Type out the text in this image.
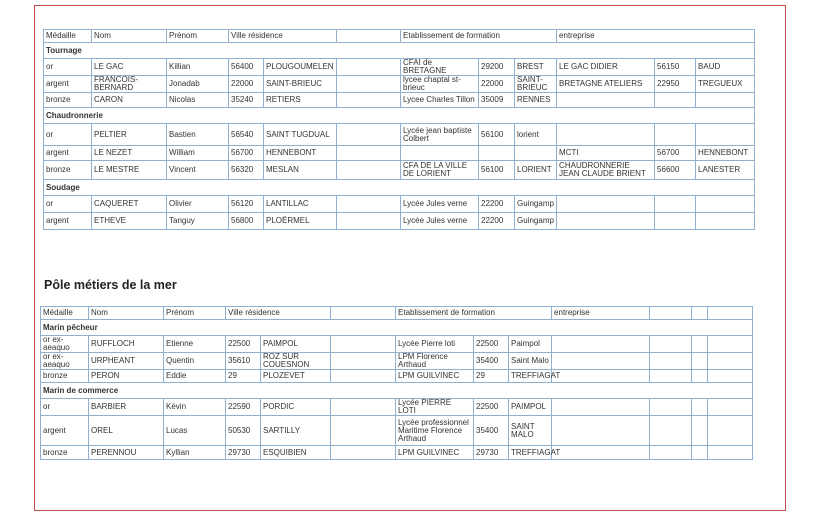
Médaille	Nom	Prénom	Ville résidence			Etablissement de formation			entreprise		
Tournage											
or	LE GAC	Killian	56400	PLOUGOUMELEN		CFAI de BRETAGNE	29200	BREST	LE GAC DIDIER	56150	BAUD
argent	FRANCOIS-BERNARD	Jonadab	22000	SAINT-BRIEUC		lycee chaptal st-brieuc	22000	SAINT-BRIEUC	BRETAGNE ATELIERS	22950	TREGUEUX
bronze	CARON	Nicolas	35240	RETIERS		Lycee Charles Tillon	35009	RENNES			
Chaudronnerie											
or	PELTIER	Bastien	56540	SAINT TUGDUAL		Lycée jean baptiste Colbert	56100	lorient			
argent	LE NEZET	William	56700	HENNEBONT					MCTI	56700	HENNEBONT
bronze	LE MESTRE	Vincent	56320	MESLAN		CFA DE LA VILLE DE LORIENT	56100	LORIENT	CHAUDRONNERIE JEAN CLAUDE BRIENT	56600	LANESTER
Soudage											
or	CAQUERET	Olivier	56120	LANTILLAC		Lycée Jules verne	22200	Guingamp			
argent	ETHEVE	Tanguy	56800	PLOËRMEL		Lycée Jules verne	22200	Guingamp			
Pôle métiers de la mer
Médaille	Nom	Prénom	Ville résidence			Etablissement de formation			entreprise			
Marin pêcheur												
or ex-aeaquo	RUFFLOCH	Etienne	22500	PAIMPOL		Lycée Pierre loti	22500	Paimpol				
or ex-aeaquo	URPHEANT	Quentin	35610	ROZ SUR COUESNON		LPM Florence Arthaud	35400	Saint Malo				
bronze	PERON	Eddie	29	PLOZEVET		LPM GUILVINEC	29	TREFFIAGAT				
Marin de commerce												
or	BARBIER	Kévin	22590	PORDIC		Lycée PIERRE LOTI	22500	PAIMPOL				
argent	OREL	Lucas	50530	SARTILLY		Lycée professionnel Maritime Florence Arthaud	35400	SAINT MALO				
bronze	PERENNOU	Kyllian	29730	ESQUIBIEN		LPM GUILVINEC	29730	TREFFIAGAT				
